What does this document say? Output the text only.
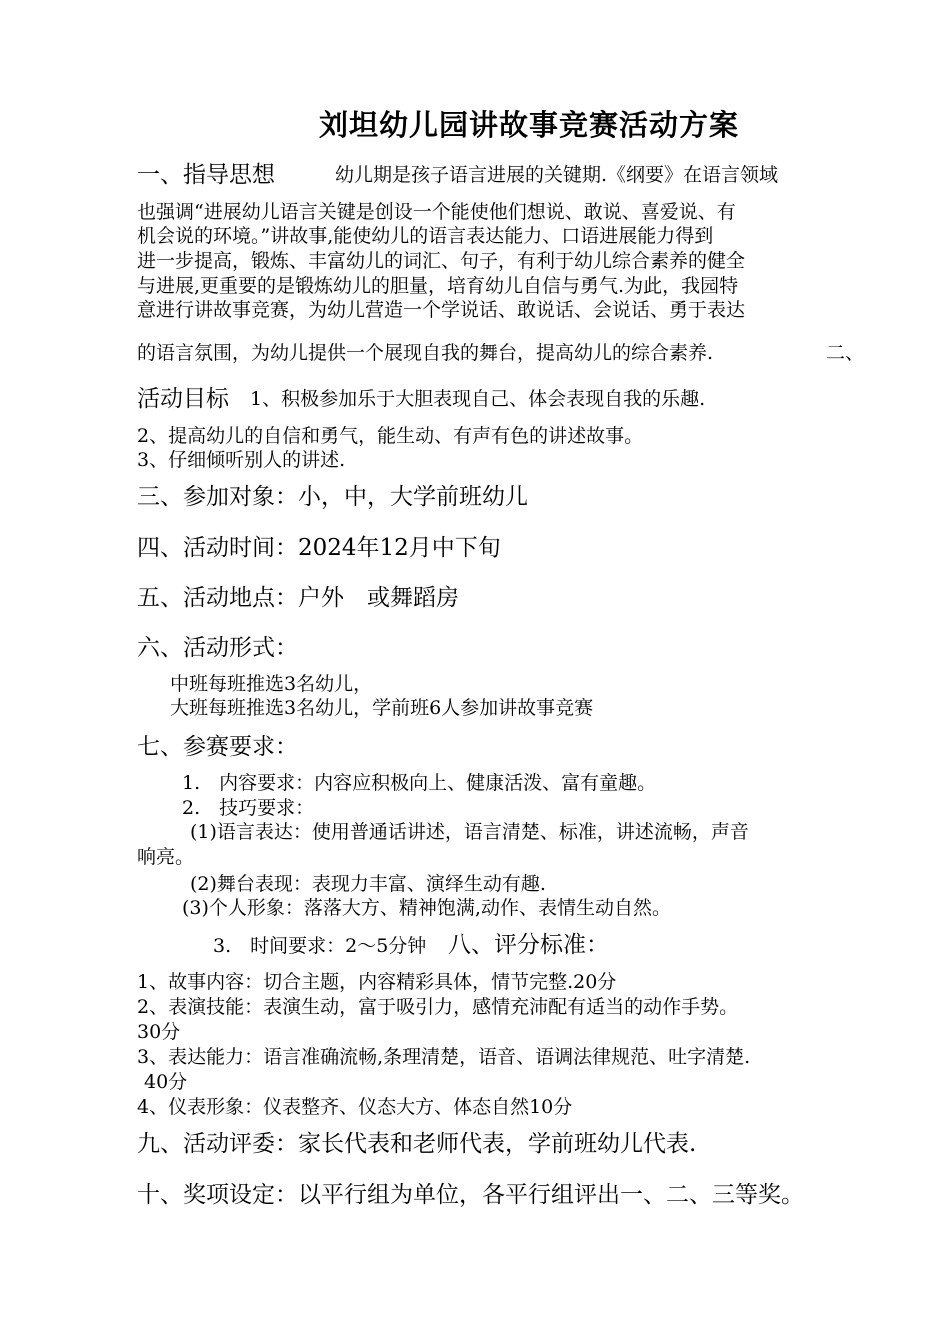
刘坦幼儿园讲故事竞赛活动方案
一、指导思想	幼儿期是孩子语言进展的关键期.《纲要》在语言领域
也强调“进展幼儿语言关键是创设一个能使他们想说、敢说、喜爱说、有
机会说的环境。”讲故事,能使幼儿的语言表达能力、口语进展能力得到
进一步提高，锻炼、丰富幼儿的词汇、句子，有利于幼儿综合素养的健全
与进展,更重要的是锻炼幼儿的胆量，培育幼儿自信与勇气.为此，我园特
意进行讲故事竞赛，为幼儿营造一个学说话、敢说话、会说话、勇于表达
的语言氛围，为幼儿提供一个展现自我的舞台，提高幼儿的综合素养.	二、
活动目标 1、积极参加乐于大胆表现自己、体会表现自我的乐趣.
2、提高幼儿的自信和勇气，能生动、有声有色的讲述故事。
3、仔细倾听别人的讲述.
三、参加对象：小，中，大学前班幼儿
四、活动时间：2024年12月中下旬
五、活动地点：户外　或舞蹈房
六、活动形式：
中班每班推选3名幼儿，
大班每班推选3名幼儿，学前班6人参加讲故事竞赛
七、参赛要求：
1.　内容要求：内容应积极向上、健康活泼、富有童趣。
2.　技巧要求：
(1)语言表达：使用普通话讲述，语言清楚、标准，讲述流畅，声音
响亮。
(2)舞台表现：表现力丰富、演绎生动有趣.
(3)个人形象：落落大方、精神饱满,动作、表情生动自然。
3.　时间要求：2～5分钟 八、评分标准：
1、故事内容：切合主题，内容精彩具体，情节完整.20分
2、表演技能：表演生动，富于吸引力，感情充沛配有适当的动作手势。
30分
3、表达能力：语言准确流畅,条理清楚，语音、语调法律规范、吐字清楚.
40分
4、仪表形象：仪表整齐、仪态大方、体态自然10分
九、活动评委：家长代表和老师代表，学前班幼儿代表.
十、奖项设定：以平行组为单位，各平行组评出一、二、三等奖。
